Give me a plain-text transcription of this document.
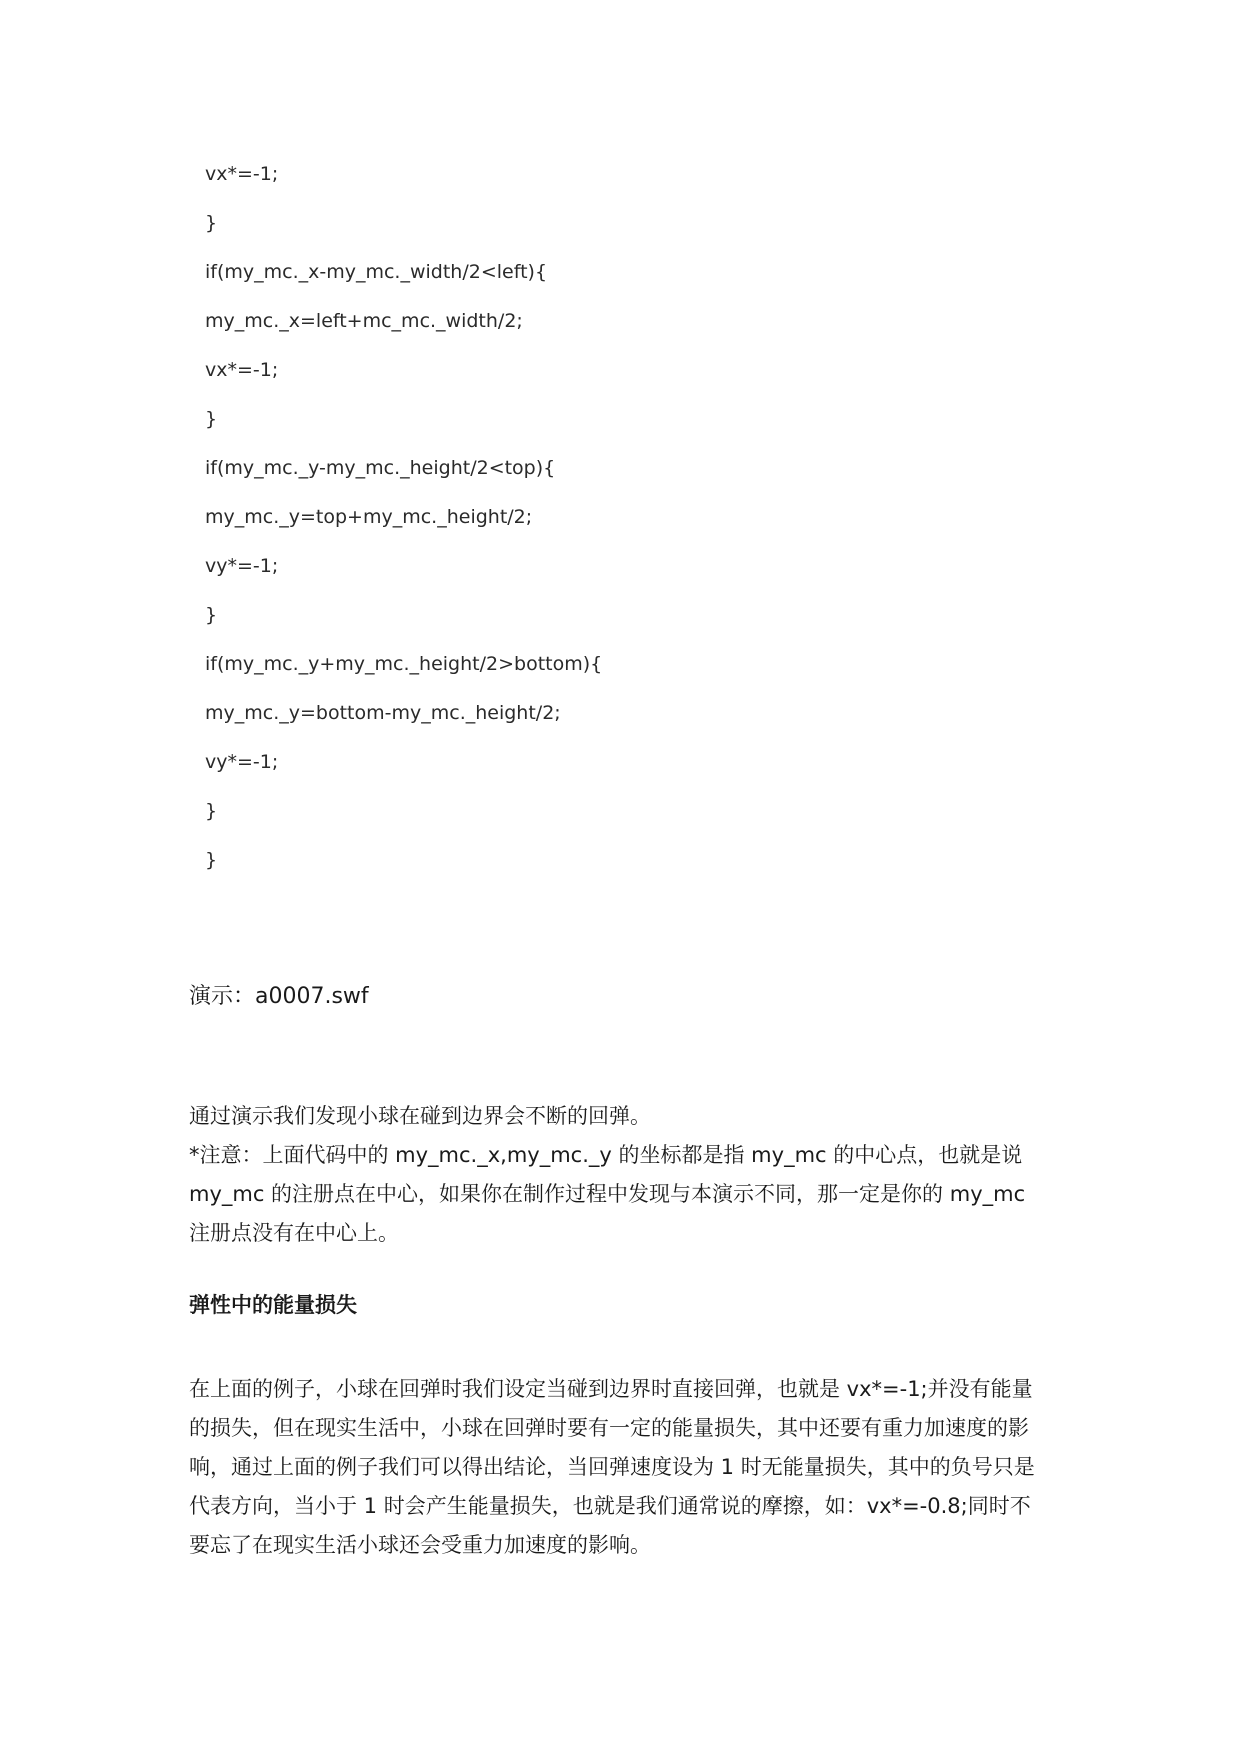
vx*=-1;
}
if(my_mc._x-my_mc._width/2<left){
my_mc._x=left+mc_mc._width/2;
vx*=-1;
}
if(my_mc._y-my_mc._height/2<top){
my_mc._y=top+my_mc._height/2;
vy*=-1;
}
if(my_mc._y+my_mc._height/2>bottom){
my_mc._y=bottom-my_mc._height/2;
vy*=-1;
}
}
演示：a0007.swf
通过演示我们发现小球在碰到边界会不断的回弹。
*注意：上面代码中的 my_mc._x,my_mc._y 的坐标都是指 my_mc 的中心点，也就是说
my_mc 的注册点在中心，如果你在制作过程中发现与本演示不同，那一定是你的 my_mc
注册点没有在中心上。
弹性中的能量损失
在上面的例子，小球在回弹时我们设定当碰到边界时直接回弹，也就是 vx*=-1;并没有能量
的损失，但在现实生活中，小球在回弹时要有一定的能量损失，其中还要有重力加速度的影
响，通过上面的例子我们可以得出结论，当回弹速度设为 1 时无能量损失，其中的负号只是
代表方向，当小于 1 时会产生能量损失，也就是我们通常说的摩擦，如：vx*=-0.8;同时不
要忘了在现实生活小球还会受重力加速度的影响。
